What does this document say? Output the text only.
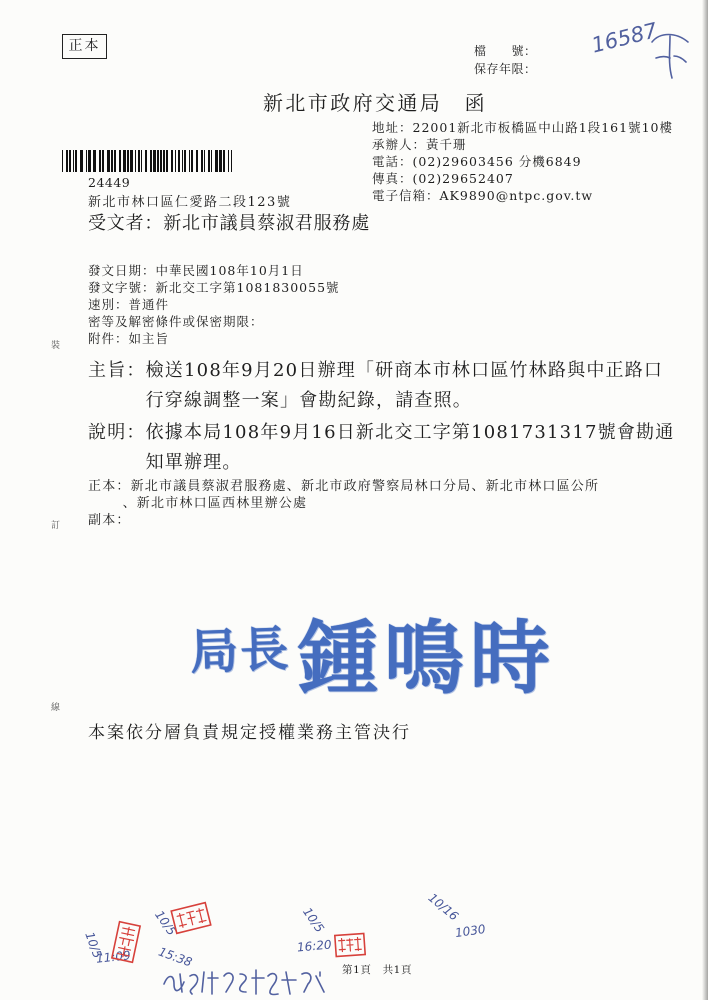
正本	檔　　號：
保存年限：
16587
新北市政府交通局　函
地址：22001新北市板橋區中山路1段161號10樓
承辦人：黃千珊
電話：(02)29603456 分機6849
傳真：(02)29652407
電子信箱：AK9890@ntpc.gov.tw
24449
新北市林口區仁愛路二段123號
受文者：新北市議員蔡淑君服務處
發文日期：中華民國108年10月1日
發文字號：新北交工字第1081830055號
速別：普通件
密等及解密條件或保密期限：
附件：如主旨
主旨： 檢送108年9月20日辦理「研商本市林口區竹林路與中正路口
行穿線調整一案」會勘紀錄，請查照。
說明： 依據本局108年9月16日新北交工字第1081731317號會勘通
知單辦理。
正本： 新北市議員蔡淑君服務處、新北市政府警察局林口分局、新北市林口區公所
、新北市林口區西林里辦公處
副本：
局長 鍾鳴時
本案依分層負責規定授權業務主管決行
裝
訂
線
10/5
11:09
10/5
15:38
10/5
16:20
10/16
1030
第1頁　共1頁
